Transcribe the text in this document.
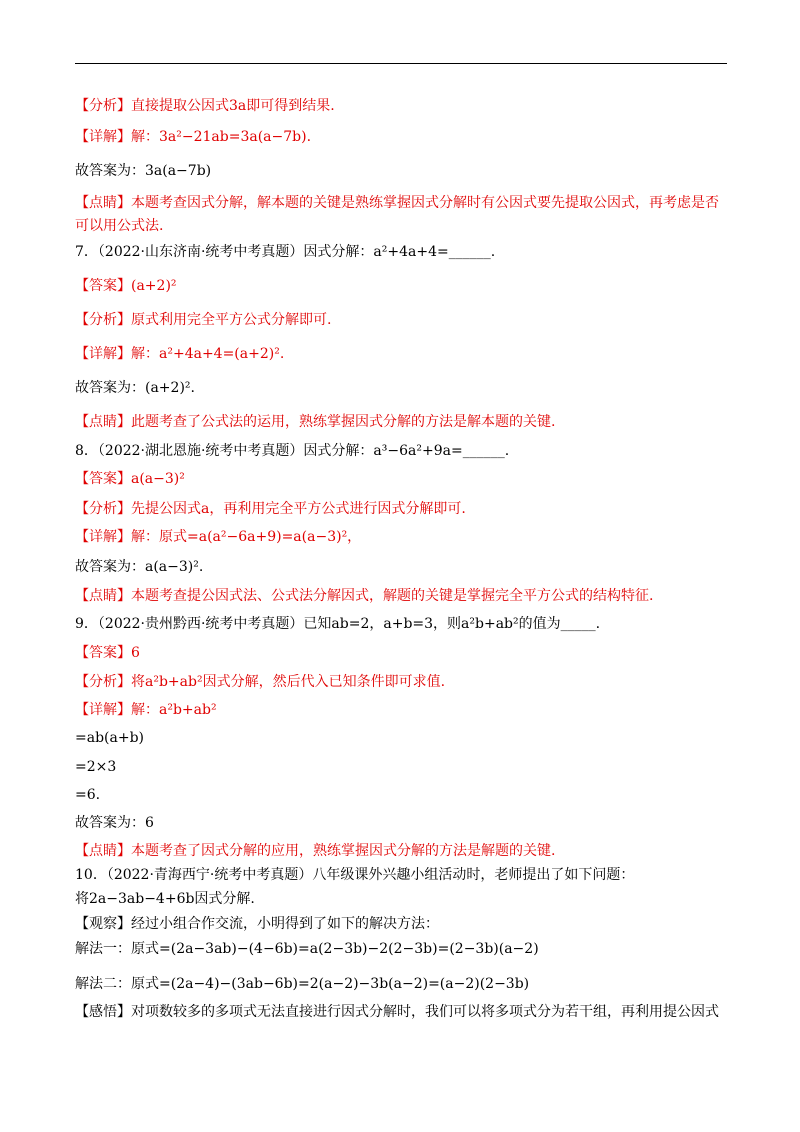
【分析】直接提取公因式3a即可得到结果.
【详解】解：3a²−21ab=3a(a−7b).
故答案为：3a(a−7b)
【点睛】本题考查因式分解，解本题的关键是熟练掌握因式分解时有公因式要先提取公因式，再考虑是否
可以用公式法.
7．（2022·山东济南·统考中考真题）因式分解：a²+4a+4=______.
【答案】(a+2)²
【分析】原式利用完全平方公式分解即可.
【详解】解：a²+4a+4=(a+2)².
故答案为：(a+2)².
【点睛】此题考查了公式法的运用，熟练掌握因式分解的方法是解本题的关键.
8．（2022·湖北恩施·统考中考真题）因式分解：a³−6a²+9a=______.
【答案】a(a−3)²
【分析】先提公因式a，再利用完全平方公式进行因式分解即可.
【详解】解：原式=a(a²−6a+9)=a(a−3)²，
故答案为：a(a−3)².
【点睛】本题考查提公因式法、公式法分解因式，解题的关键是掌握完全平方公式的结构特征.
9．（2022·贵州黔西·统考中考真题）已知ab=2，a+b=3，则a²b+ab²的值为_____.
【答案】6
【分析】将a²b+ab²因式分解，然后代入已知条件即可求值.
【详解】解：a²b+ab²
=ab(a+b)
=2×3
=6.
故答案为：6
【点睛】本题考查了因式分解的应用，熟练掌握因式分解的方法是解题的关键.
10．（2022·青海西宁·统考中考真题）八年级课外兴趣小组活动时，老师提出了如下问题：
将2a−3ab−4+6b因式分解.
【观察】经过小组合作交流，小明得到了如下的解决方法：
解法一：原式=(2a−3ab)−(4−6b)=a(2−3b)−2(2−3b)=(2−3b)(a−2)
解法二：原式=(2a−4)−(3ab−6b)=2(a−2)−3b(a−2)=(a−2)(2−3b)
【感悟】对项数较多的多项式无法直接进行因式分解时，我们可以将多项式分为若干组，再利用提公因式
